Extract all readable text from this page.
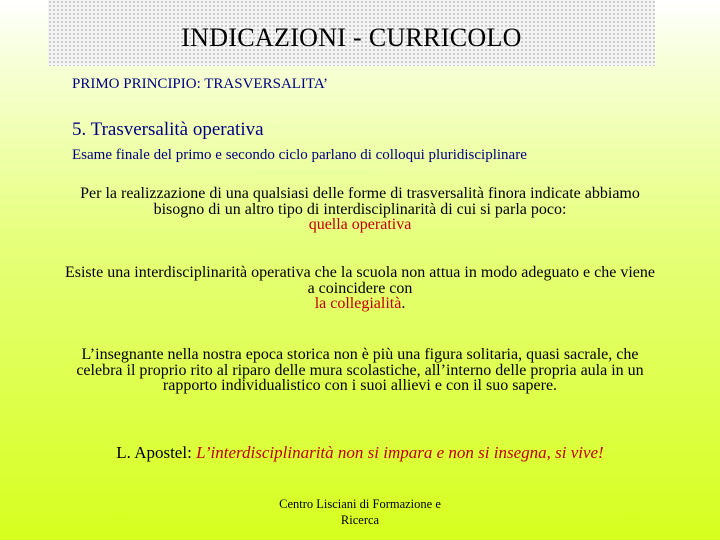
INDICAZIONI - CURRICOLO
PRIMO PRINCIPIO: TRASVERSALITA’
5. Trasversalità operativa
Esame finale del primo e secondo ciclo parlano di colloqui pluridisciplinare
Per la realizzazione di una qualsiasi delle forme di trasversalità finora indicate abbiamo bisogno di un altro tipo di interdisciplinarità di cui si parla poco:
quella operativa
Esiste una interdisciplinarità operativa che la scuola non attua in modo adeguato e che viene a coincidere con
la collegialità.
L’insegnante nella nostra epoca storica non è più una figura solitaria, quasi sacrale, che celebra il proprio rito al riparo delle mura scolastiche, all’interno delle propria aula in un rapporto individualistico con i suoi allievi e con il suo sapere.
L. Apostel: L’interdisciplinarità non si impara e non si insegna, si vive!
Centro Lisciani di Formazione e
Ricerca
